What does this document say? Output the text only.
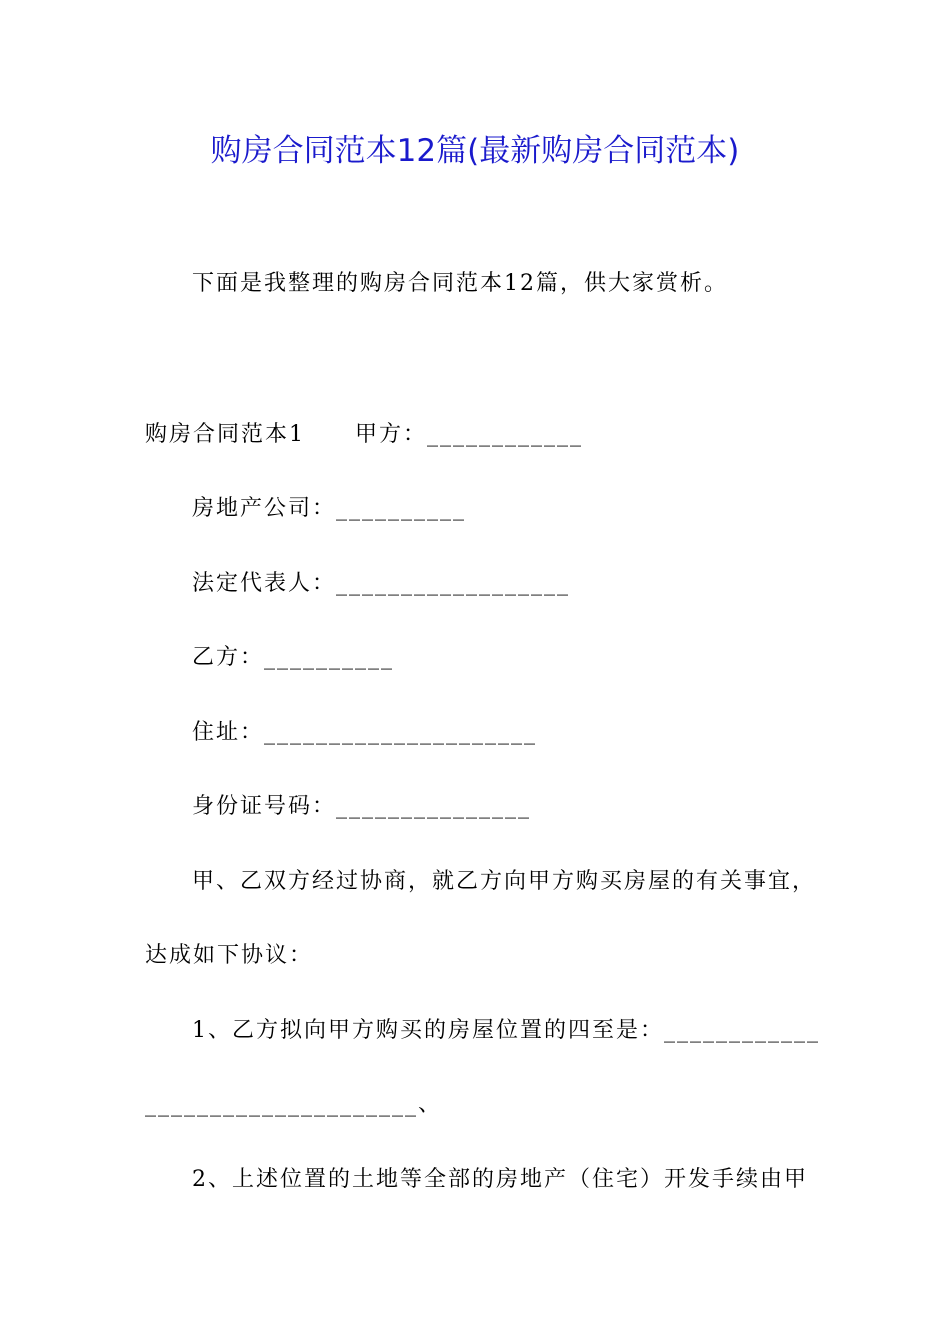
购房合同范本12篇(最新购房合同范本)
下面是我整理的购房合同范本12篇，供大家赏析。
购房合同范本1 甲方：____________
房地产公司：__________
法定代表人：__________________
乙方：__________
住址：_____________________
身份证号码：_______________
甲、乙双方经过协商，就乙方向甲方购买房屋的有关事宜，
达成如下协议：
1、乙方拟向甲方购买的房屋位置的四至是：____________
_____________________、
2、上述位置的土地等全部的房地产（住宅）开发手续由甲
